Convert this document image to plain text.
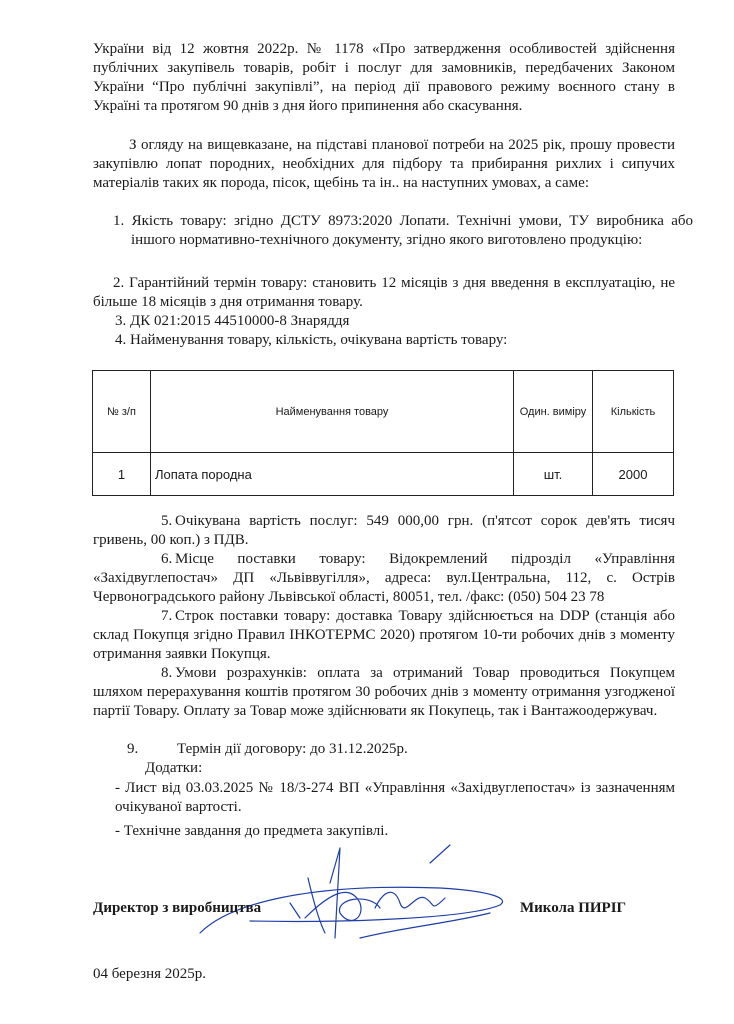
України від 12 жовтня 2022р. № 1178 «Про затвердження особливостей здійснення публічних закупівель товарів, робіт і послуг для замовників, передбачених Законом України “Про публічні закупівлі”, на період дії правового режиму воєнного стану в Україні та протягом 90 днів з дня його припинення або скасування.

З огляду на вищевказане, на підставі планової потреби на 2025 рік, прошу провести закупівлю лопат породних, необхідних для підбору та прибирання рихлих і сипучих матеріалів таких як порода, пісок, щебінь та ін.. на наступних умовах, а саме:

1. Якість товару: згідно ДСТУ 8973:2020 Лопати. Технічні умови, ТУ виробника або іншого нормативно-технічного документу, згідно якого виготовлено продукцію:

2. Гарантійний термін товару: становить 12 місяців з дня введення в експлуатацію, не більше 18 місяців з дня отримання товару.

3. ДК 021:2015 44510000-8 Знаряддя
4. Найменування товару, кількість, очікувана вартість товару:
№ з/п	Найменування товару	Один. виміру	Кількість
1	Лопата породна	шт.	2000

5. Очікувана вартість послуг: 549 000,00 грн. (п'ятсот сорок дев'ять тисяч гривень, 00 коп.) з ПДВ.

6. Місце поставки товару: Відокремлений підрозділ «Управління «Західвуглепостач» ДП «Львіввугілля», адреса: вул.Центральна, 112, с. Острів Червоноградського району Львівської області, 80051, тел. /факс: (050) 504 23 78

7. Строк поставки товару: доставка Товару здійснюється на DDP (станція або склад Покупця згідно Правил ІНКОТЕРМС 2020) протягом 10-ти робочих днів з моменту отримання заявки Покупця.

8. Умови розрахунків: оплата за отриманий Товар проводиться Покупцем шляхом перерахування коштів протягом 30 робочих днів з моменту отримання узгодженої партії Товару. Оплату за Товар може здійснювати як Покупець, так і Вантажоодержувач.

9.	Термін дії договору: до 31.12.2025р.
Додатки:

- Лист від 03.03.2025 № 18/3-274 ВП «Управління «Західвуглепостач» із зазначенням очікуваної вартості.

- Технічне завдання до предмета закупівлі.
Директор з виробництва	Микола ПИРІГ
04 березня 2025р.
